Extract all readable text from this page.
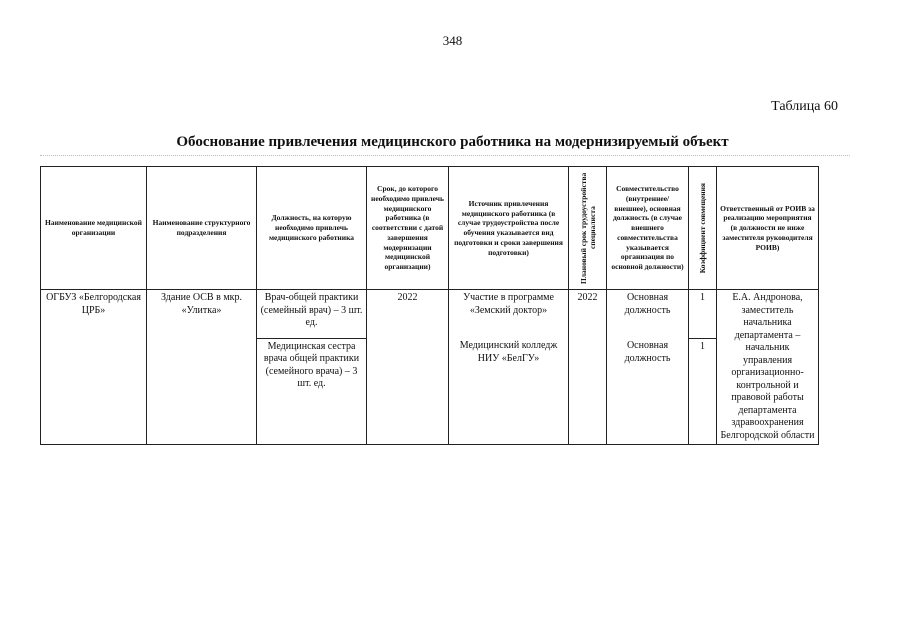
348
Таблица 60
Обоснование привлечения медицинского работника на модернизируемый объект
Наименование медицинской организации	Наименование структурного подразделения	Должность, на которую необходимо привлечь медицинского работника	Срок, до которого необходимо привлечь медицинского работника (в соответствии с датой завершения модернизации медицинской организации)	Источник привлечения медицинского работника (в случае трудоустройства после обучения указывается вид подготовки и сроки завершения подготовки)	Плановый срок трудоустройства специалиста	Совместительство (внутреннее/ внешнее), основная должность (в случае внешнего совместительства указывается организация по основной должности)	Коэффициент совмещения	Ответственный от РОИВ за реализацию мероприятия (в должности не ниже заместителя руководителя РОИВ)
ОГБУЗ «Белгородская ЦРБ»	Здание ОСВ в мкр. «Улитка»	Врач-общей практики (семейный врач) – 3 шт. ед.	2022	Участие в программе «Земский доктор»	2022	Основная должность	1	Е.А. Андронова, заместитель начальника департамента – начальник управления организационно-контрольной и правовой работы департамента здравоохранения Белгородской области
		Медицинская сестра врача общей практики (семейного врача) – 3 шт. ед.		Медицинский колледж НИУ «БелГУ»		Основная должность	1	
